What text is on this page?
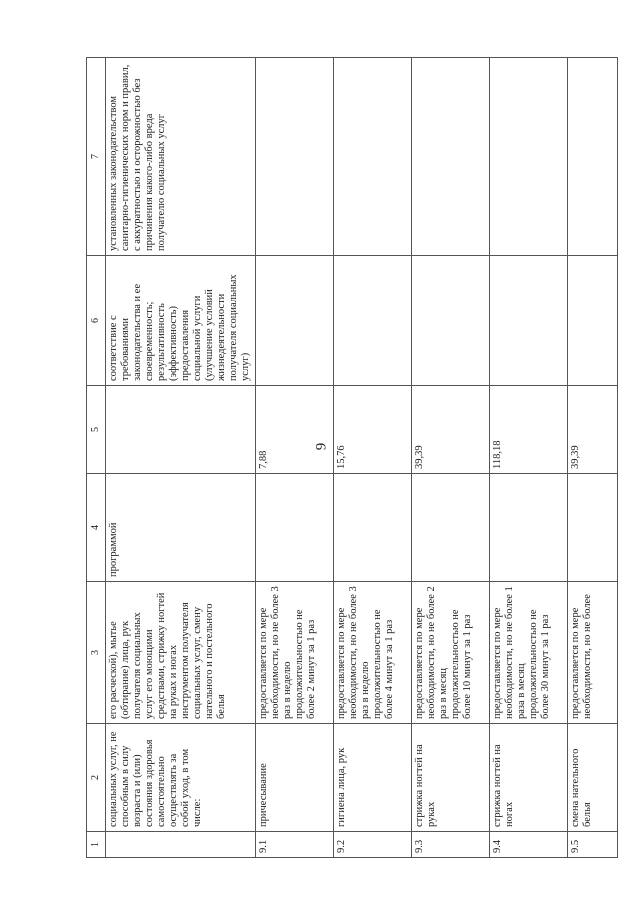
9
1	2	3	4	5	6	7
	социальных услуг, не способным в силу возраста и (или) состояния здоровья самостоятельно осуществлять за собой уход, в том числе:	его расческой), мытье (обтирание) лица, рук получателя социальных услуг его моющими средствами, стрижку ногтей на руках и ногах инструментом получателя социальных услуг, смену нательного и постельного белья	программой		соответствие с требованиями законодательства и ее своевременность; результативность (эффективность) предоставления социальной услуги (улучшение условий жизнедеятельности получателя социальных услуг)	установленных законодательством санитарно-гигиенических норм и правил, с аккуратностью и осторожностью без причинения какого-либо вреда получателю социальных услуг
9.1	причесывание	предоставляется по мере необходимости, но не более 3 раз в неделю продолжительностью не более 2 минут за 1 раз		7,88		
9.2	гигиена лица, рук	предоставляется по мере необходимости, но не более 3 раз в неделю продолжительностью не более 4 минут за 1 раз		15,76		
9.3	стрижка ногтей на руках	предоставляется по мере необходимости, но не более 2 раз в месяц продолжительностью не более 10 минут за 1 раз		39,39		
9.4	стрижка ногтей на ногах	предоставляется по мере необходимости, но не более 1 раза в месяц продолжительностью не более 30 минут за 1 раз		118,18		
9.5	смена нательного белья	предоставляется по мере необходимости, но не более		39,39		
